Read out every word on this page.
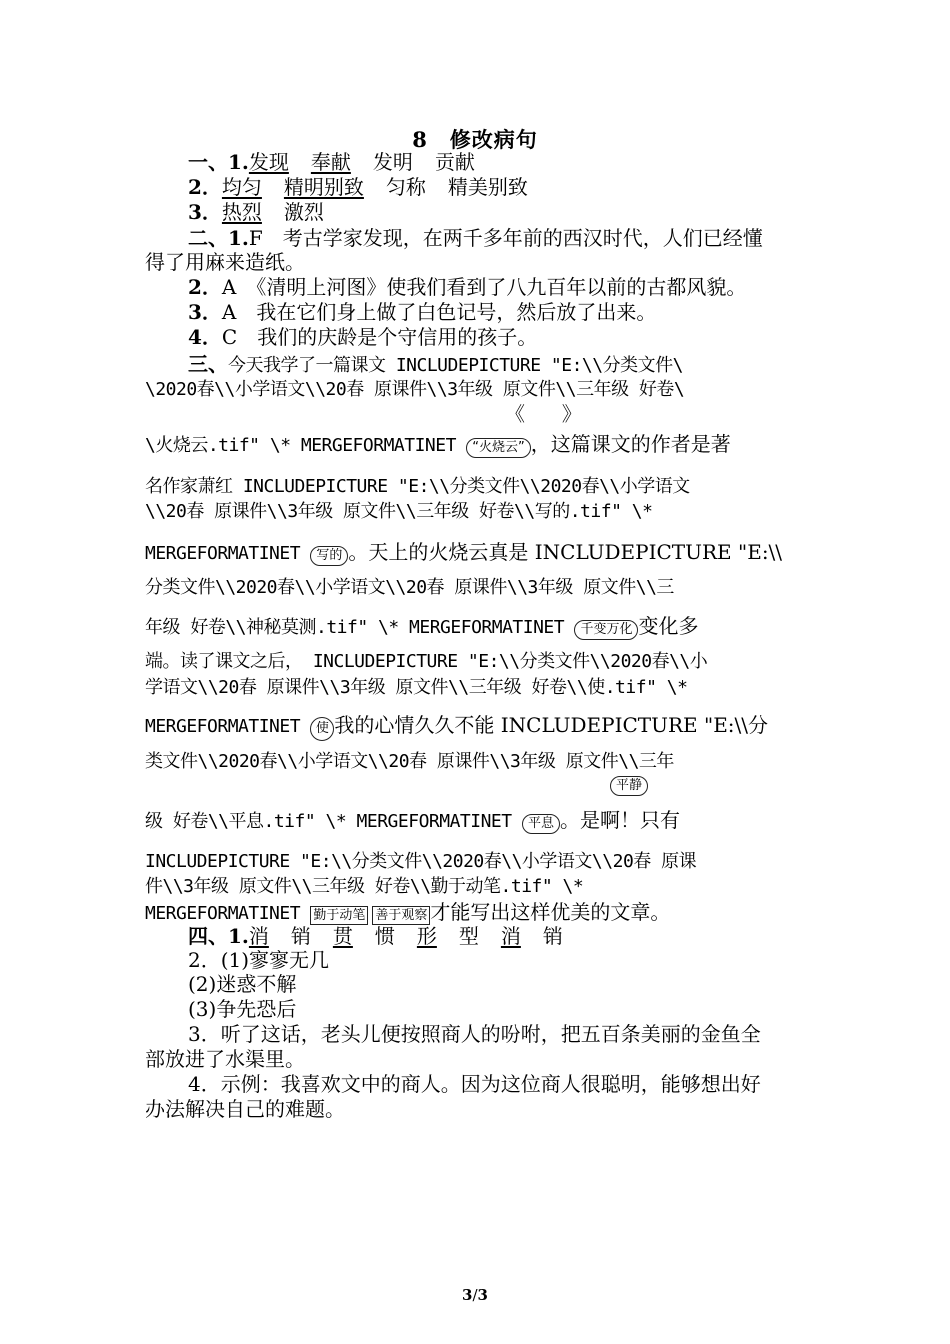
8　修改病句
一、1.发现 奉献 发明 贡献
2．均匀 精明别致 匀称 精美别致
3．热烈 激烈
二、1.F　考古学家发现，在两千多年前的西汉时代，人们已经懂
得了用麻来造纸。
2．A　《清明上河图》使我们看到了八九百年以前的古都风貌。
3．A　我在它们身上做了白色记号，然后放了出来。
4．C　我们的庆龄是个守信用的孩子。
三、今天我学了一篇课文 INCLUDEPICTURE "E:\\分类文件\
\2020春\\小学语文\\20春 原课件\\3年级 原文件\\三年级 好卷\
《 》
\火烧云.tif" \* MERGEFORMATINET “火烧云” ，这篇课文的作者是著
名作家萧红 INCLUDEPICTURE "E:\\分类文件\\2020春\\小学语文
\\20春 原课件\\3年级 原文件\\三年级 好卷\\写的.tif" \*
MERGEFORMATINET 写的 。天上的火烧云真是 INCLUDEPICTURE "E:\\
分类文件\\2020春\\小学语文\\20春 原课件\\3年级 原文件\\三
年级 好卷\\神秘莫测.tif" \* MERGEFORMATINET 千变万化 变化多
端。读了课文之后， INCLUDEPICTURE "E:\\分类文件\\2020春\\小
学语文\\20春 原课件\\3年级 原文件\\三年级 好卷\\使.tif" \*
MERGEFORMATINET 使 我的心情久久不能 INCLUDEPICTURE "E:\\分
类文件\\2020春\\小学语文\\20春 原课件\\3年级 原文件\\三年
平静
级 好卷\\平息.tif" \* MERGEFORMATINET 平息 。是啊！只有
INCLUDEPICTURE "E:\\分类文件\\2020春\\小学语文\\20春 原课
件\\3年级 原文件\\三年级 好卷\\勤于动笔.tif" \*
MERGEFORMATINET 勤于动笔 善于观察 才能写出这样优美的文章。
四、1.消 销 贯 惯 形 型 消 销
2．(1)寥寥无几
(2)迷惑不解
(3)争先恐后
3．听了这话，老头儿便按照商人的吩咐，把五百条美丽的金鱼全
部放进了水渠里。
4．示例：我喜欢文中的商人。因为这位商人很聪明，能够想出好
办法解决自己的难题。
3/3
